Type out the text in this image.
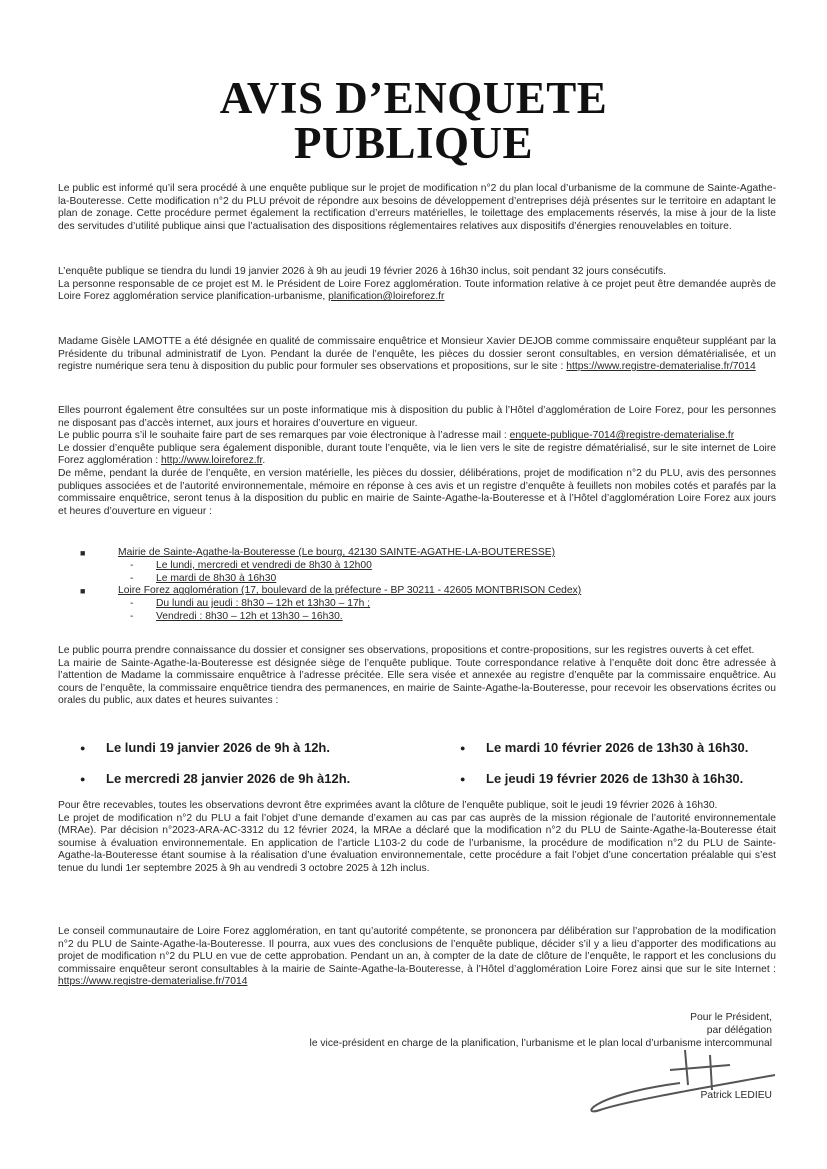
AVIS D’ENQUETE
PUBLIQUE

Le public est informé qu’il sera procédé à une enquête publique sur le projet de modification n°2 du plan local d’urbanisme de la commune de Sainte-Agathe-la-Bouteresse. Cette modification n°2 du PLU prévoit de répondre aux besoins de développement d’entreprises déjà présentes sur le territoire en adaptant le plan de zonage. Cette procédure permet également la rectification d’erreurs matérielles, le toilettage des emplacements réservés, la mise à jour de la liste des servitudes d’utilité publique ainsi que l’actualisation des dispositions réglementaires relatives aux dispositifs d’énergies renouvelables en toiture.

L’enquête publique se tiendra du lundi 19 janvier 2026 à 9h au jeudi 19 février 2026 à 16h30 inclus, soit pendant 32 jours consécutifs.

La personne responsable de ce projet est M. le Président de Loire Forez agglomération. Toute information relative à ce projet peut être demandée auprès de Loire Forez agglomération service planification-urbanisme, planification@loireforez.fr

Madame Gisèle LAMOTTE a été désignée en qualité de commissaire enquêtrice et Monsieur Xavier DEJOB comme commissaire enquêteur suppléant par la Présidente du tribunal administratif de Lyon. Pendant la durée de l’enquête, les pièces du dossier seront consultables, en version dématérialisée, et un registre numérique sera tenu à disposition du public pour formuler ses observations et propositions, sur le site : https://www.registre-dematerialise.fr/7014

Elles pourront également être consultées sur un poste informatique mis à disposition du public à l’Hôtel d’agglomération de Loire Forez, pour les personnes ne disposant pas d’accès internet, aux jours et horaires d’ouverture en vigueur.

Le public pourra s’il le souhaite faire part de ses remarques par voie électronique à l’adresse mail : enquete-publique-7014@registre-dematerialise.fr

Le dossier d’enquête publique sera également disponible, durant toute l’enquête, via le lien vers le site de registre dématérialisé, sur le site internet de Loire Forez agglomération : http://www.loireforez.fr.

De même, pendant la durée de l’enquête, en version matérielle, les pièces du dossier, délibérations, projet de modification n°2 du PLU, avis des personnes publiques associées et de l’autorité environnementale, mémoire en réponse à ces avis et un registre d’enquête à feuillets non mobiles cotés et parafés par la commissaire enquêtrice, seront tenus à la disposition du public en mairie de Sainte-Agathe-la-Bouteresse et à l’Hôtel d’agglomération Loire Forez aux jours et heures d’ouverture en vigueur :

■	Mairie de Sainte-Agathe-la-Bouteresse (Le bourg, 42130 SAINTE-AGATHE-LA-BOUTERESSE)
-	Le lundi, mercredi et vendredi de 8h30 à 12h00
-	Le mardi de 8h30 à 16h30
■	Loire Forez agglomération (17, boulevard de la préfecture - BP 30211 - 42605 MONTBRISON Cedex)
-	Du lundi au jeudi : 8h30 – 12h et 13h30 – 17h ;
-	Vendredi : 8h30 – 12h et 13h30 – 16h30.

Le public pourra prendre connaissance du dossier et consigner ses observations, propositions et contre-propositions, sur les registres ouverts à cet effet.

La mairie de Sainte-Agathe-la-Bouteresse est désignée siège de l’enquête publique. Toute correspondance relative à l’enquête doit donc être adressée à l’attention de Madame la commissaire enquêtrice à l’adresse précitée. Elle sera visée et annexée au registre d’enquête par la commissaire enquêtrice. Au cours de l’enquête, la commissaire enquêtrice tiendra des permanences, en mairie de Sainte-Agathe-la-Bouteresse, pour recevoir les observations écrites ou orales du public, aux dates et heures suivantes :

●	Le lundi 19 janvier 2026 de 9h à 12h.	●	Le mardi 10 février 2026 de 13h30 à 16h30.
●	Le mercredi 28 janvier 2026 de 9h à12h.	●	Le jeudi 19 février 2026 de 13h30 à 16h30.

Pour être recevables, toutes les observations devront être exprimées avant la clôture de l’enquête publique, soit le jeudi 19 février 2026 à 16h30.

Le projet de modification n°2 du PLU a fait l’objet d’une demande d’examen au cas par cas auprès de la mission régionale de l’autorité environnementale (MRAe). Par décision n°2023-ARA-AC-3312 du 12 février 2024, la MRAe a déclaré que la modification n°2 du PLU de Sainte-Agathe-la-Bouteresse était soumise à évaluation environnementale. En application de l’article L103-2 du code de l’urbanisme, la procédure de modification n°2 du PLU de Sainte-Agathe-la-Bouteresse étant soumise à la réalisation d’une évaluation environnementale, cette procédure a fait l’objet d’une concertation préalable qui s’est tenue du lundi 1er septembre 2025 à 9h au vendredi 3 octobre 2025 à 12h inclus.

Le conseil communautaire de Loire Forez agglomération, en tant qu’autorité compétente, se prononcera par délibération sur l’approbation de la modification n°2 du PLU de Sainte-Agathe-la-Bouteresse. Il pourra, aux vues des conclusions de l’enquête publique, décider s’il y a lieu d’apporter des modifications au projet de modification n°2 du PLU en vue de cette approbation. Pendant un an, à compter de la date de clôture de l’enquête, le rapport et les conclusions du commissaire enquêteur seront consultables à la mairie de Sainte-Agathe-la-Bouteresse, à l’Hôtel d’agglomération Loire Forez ainsi que sur le site Internet : https://www.registre-dematerialise.fr/7014

Pour le Président,
par délégation
le vice-président en charge de la planification, l’urbanisme et le plan local d’urbanisme intercommunal
Patrick LEDIEU
